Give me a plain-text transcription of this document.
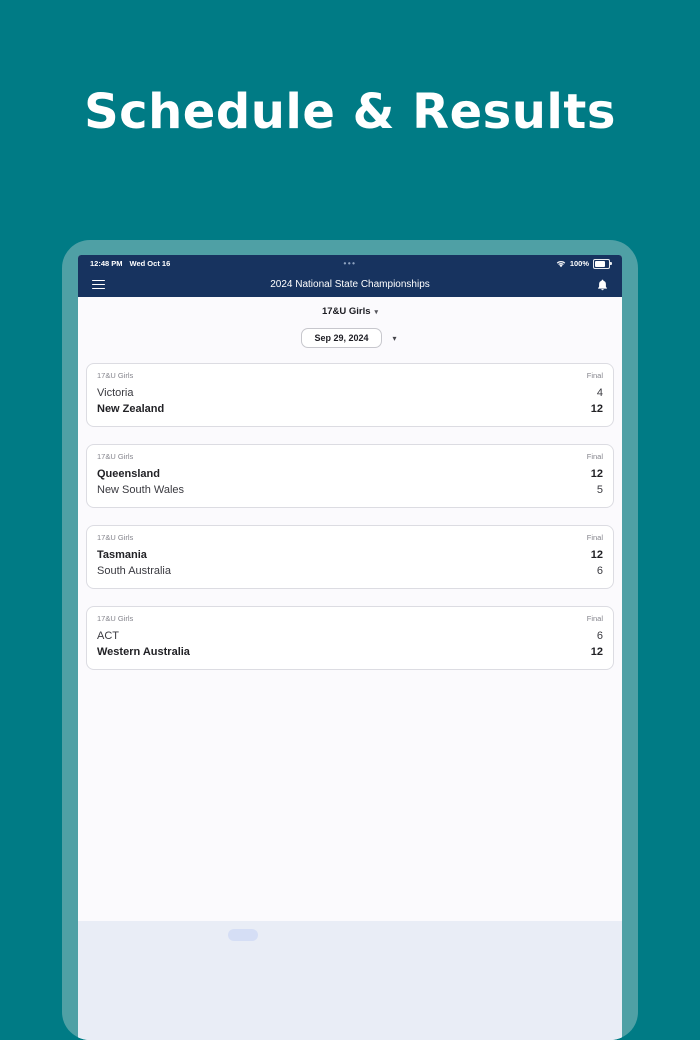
Schedule & Results
12:48 PM Wed Oct 16	•••	100%
2024 National State Championships
17&U Girls ▾
Sep 29, 2024	▾
17&U Girls	Final
Victoria	4
New Zealand	12
17&U Girls	Final
Queensland	12
New South Wales	5
17&U Girls	Final
Tasmania	12
South Australia	6
17&U Girls	Final
ACT	6
Western Australia	12
